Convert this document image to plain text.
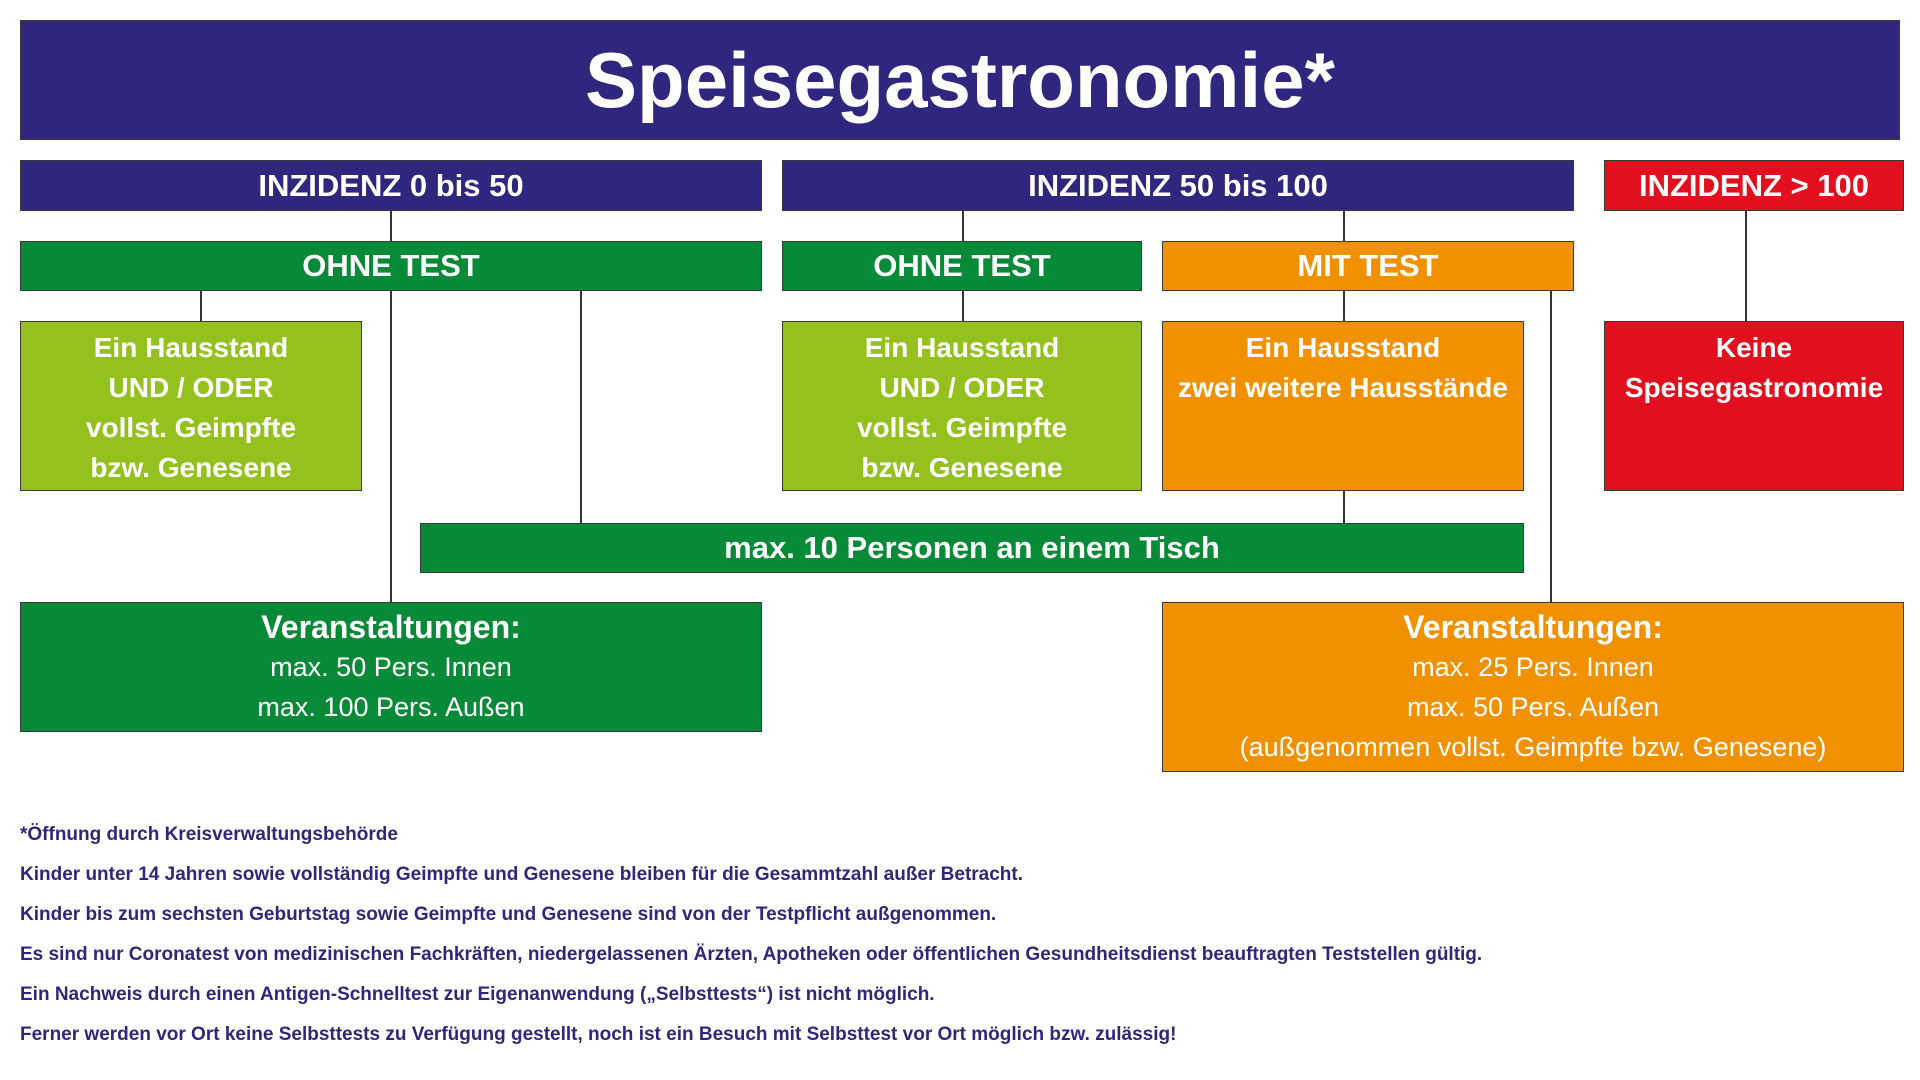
Speisegastronomie*
INZIDENZ 0 bis 50	INZIDENZ 50 bis 100	INZIDENZ > 100
OHNE TEST	OHNE TEST	MIT TEST
Ein Hausstand
UND / ODER
vollst. Geimpfte
bzw. Genesene
Ein Hausstand
UND / ODER
vollst. Geimpfte
bzw. Genesene
Ein Hausstand
zwei weitere Hausstände
Keine
Speisegastronomie
max. 10 Personen an einem Tisch
Veranstaltungen:
max. 50 Pers. Innen
max. 100 Pers. Außen
Veranstaltungen:
max. 25 Pers. Innen
max. 50 Pers. Außen
(außgenommen vollst. Geimpfte bzw. Genesene)
*Öffnung durch Kreisverwaltungsbehörde
Kinder unter 14 Jahren sowie vollständig Geimpfte und Genesene bleiben für die Gesammtzahl außer Betracht.
Kinder bis zum sechsten Geburtstag sowie Geimpfte und Genesene sind von der Testpflicht außgenommen.
Es sind nur Coronatest von medizinischen Fachkräften, niedergelassenen Ärzten, Apotheken oder öffentlichen Gesundheitsdienst beauftragten Teststellen gültig.
Ein Nachweis durch einen Antigen-Schnelltest zur Eigenanwendung („Selbsttests“) ist nicht möglich.
Ferner werden vor Ort keine Selbsttests zu Verfügung gestellt, noch ist ein Besuch mit Selbsttest vor Ort möglich bzw. zulässig!
